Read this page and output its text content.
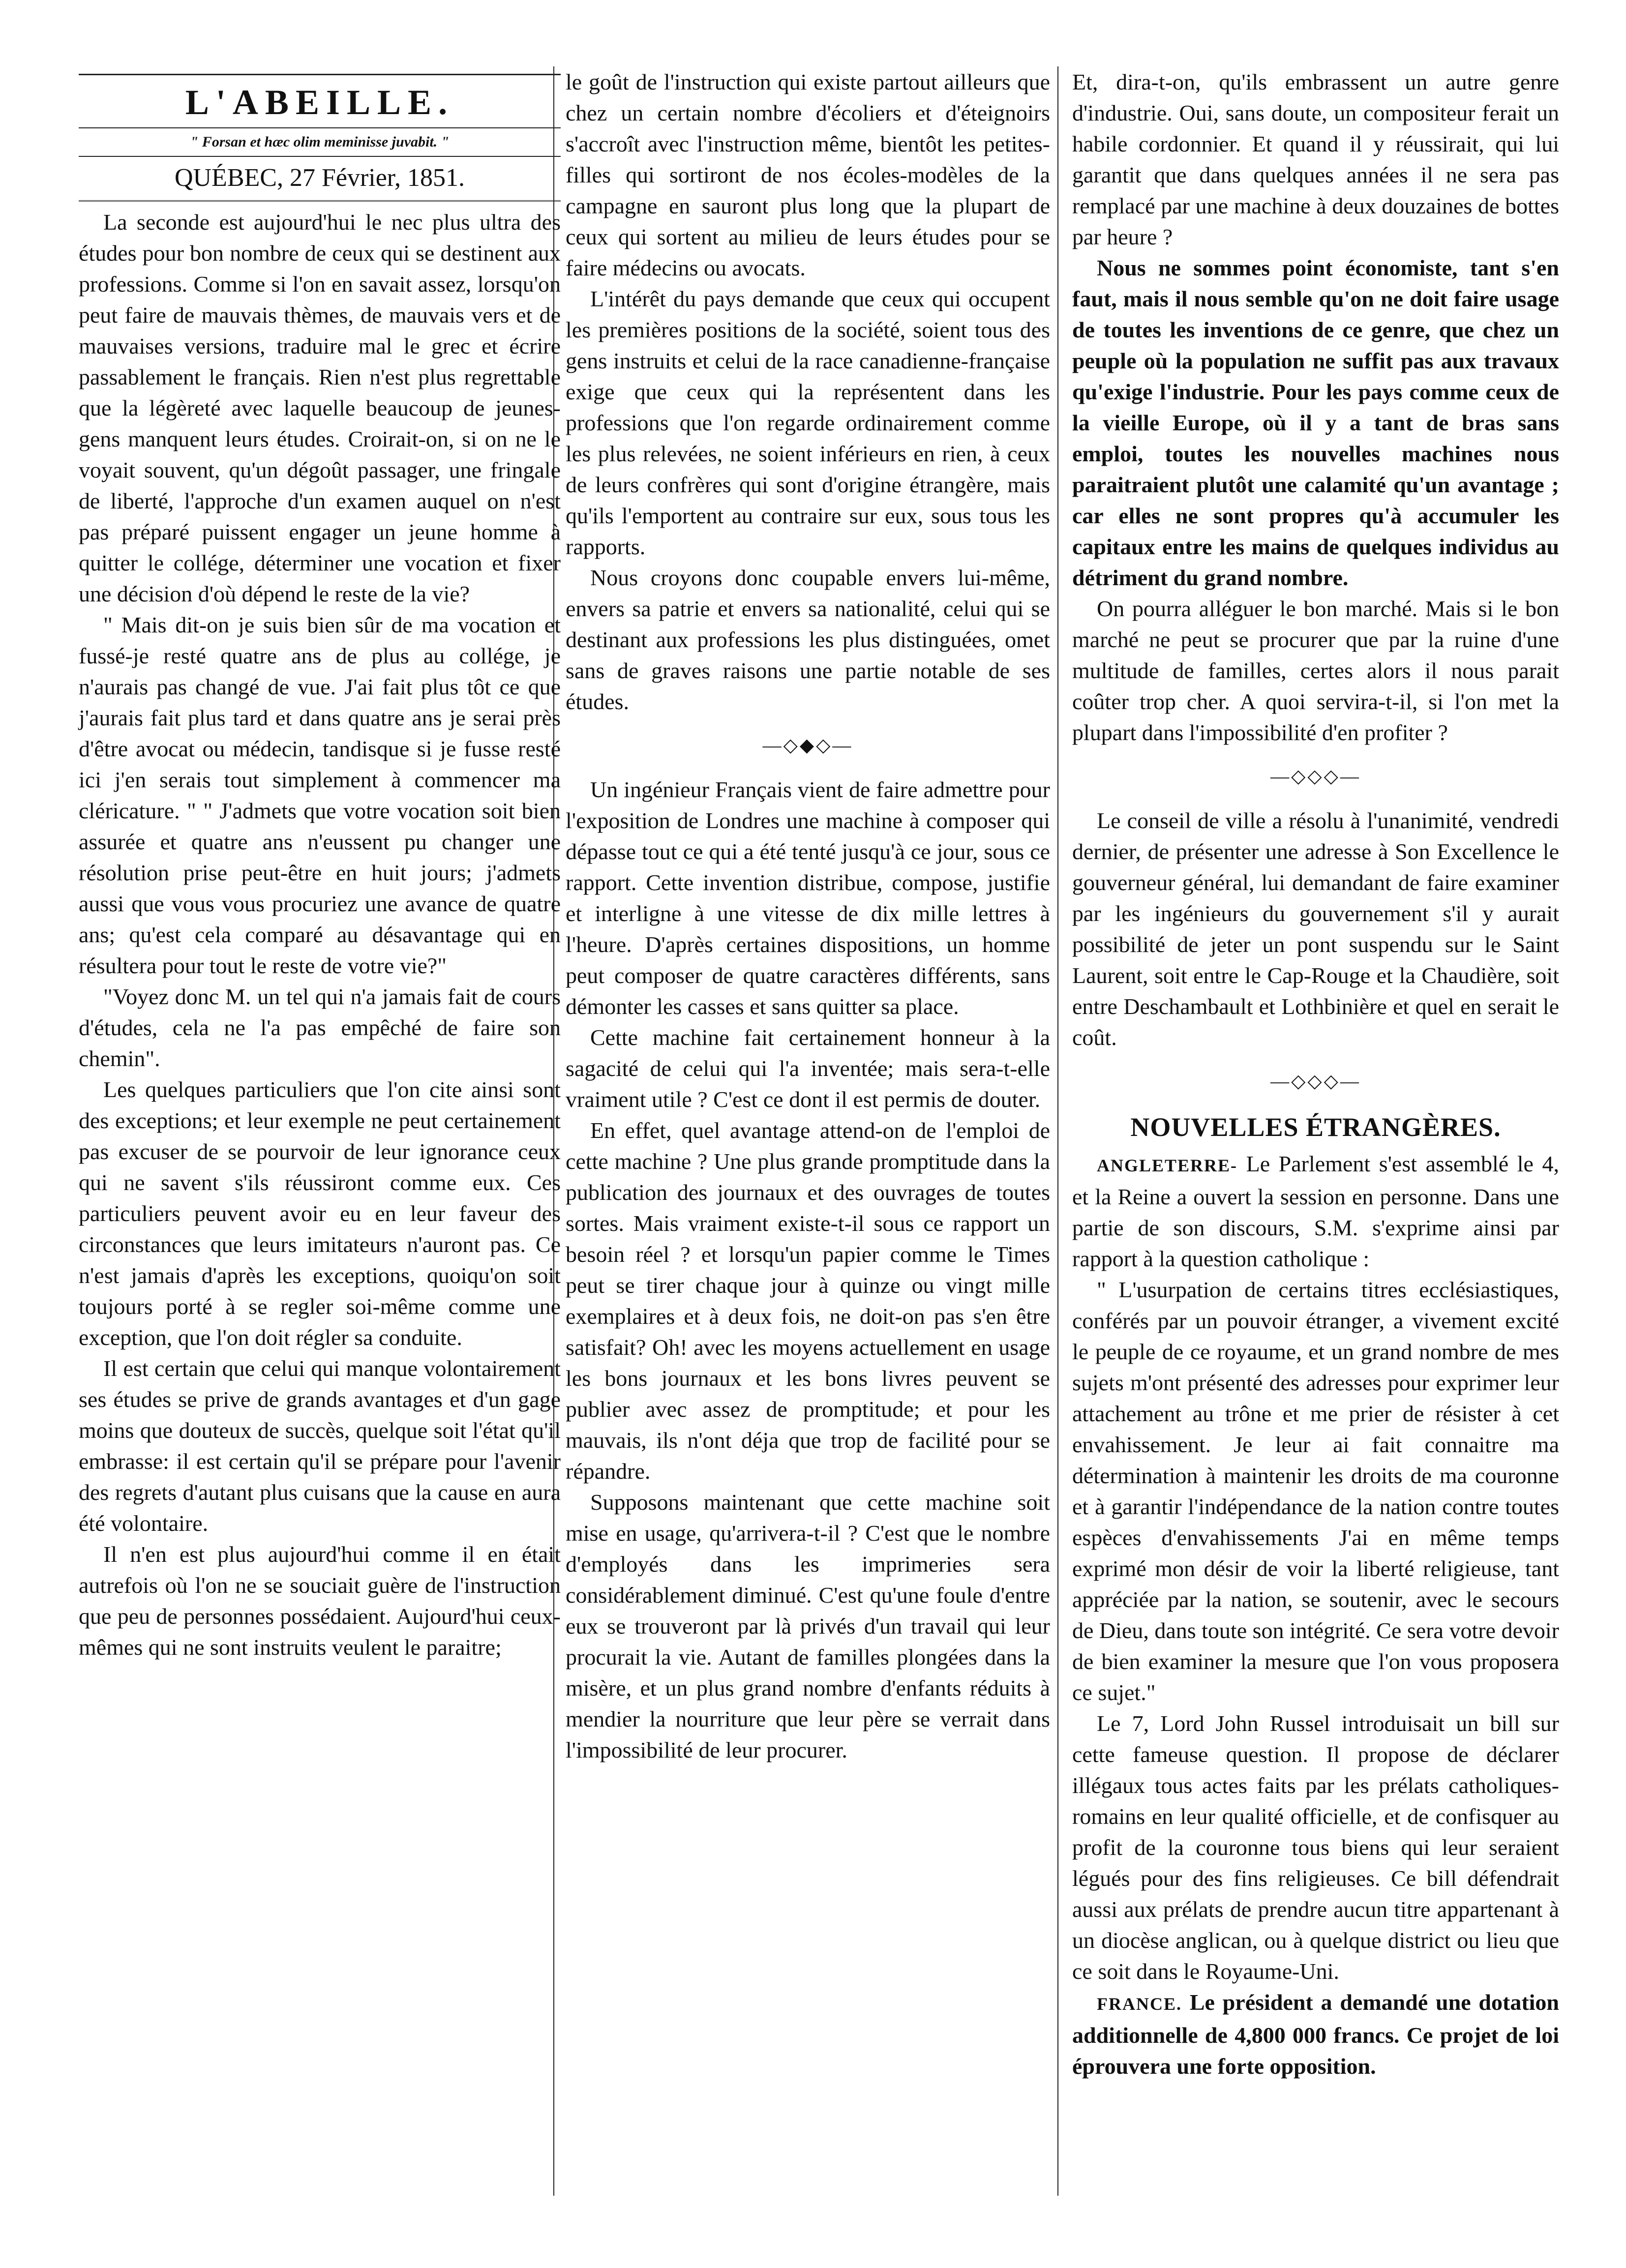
L'ABEILLE.
" Forsan et hæc olim meminisse juvabit. "
QUÉBEC, 27 Février, 1851.

La seconde est aujourd'hui le nec plus ultra des études pour bon nombre de ceux qui se destinent aux professions. Comme si l'on en savait assez, lorsqu'on peut faire de mauvais thèmes, de mauvais vers et de mauvaises versions, traduire mal le grec et écrire passablement le français. Rien n'est plus regrettable que la légèreté avec laquelle beaucoup de jeunes-gens manquent leurs études. Croirait-on, si on ne le voyait souvent, qu'un dégoût passager, une fringale de liberté, l'approche d'un examen auquel on n'est pas préparé puissent engager un jeune homme à quitter le collége, déterminer une vocation et fixer une décision d'où dépend le reste de la vie?

" Mais dit-on je suis bien sûr de ma vocation et fussé-je resté quatre ans de plus au collége, je n'aurais pas changé de vue. J'ai fait plus tôt ce que j'aurais fait plus tard et dans quatre ans je serai près d'être avocat ou médecin, tandisque si je fusse resté ici j'en serais tout simplement à commencer ma cléricature. " " J'admets que votre vocation soit bien assurée et quatre ans n'eussent pu changer une résolution prise peut-être en huit jours; j'admets aussi que vous vous procuriez une avance de quatre ans; qu'est cela comparé au désavantage qui en résultera pour tout le reste de votre vie?"

"Voyez donc M. un tel qui n'a jamais fait de cours d'études, cela ne l'a pas empêché de faire son chemin".

Les quelques particuliers que l'on cite ainsi sont des exceptions; et leur exemple ne peut certainement pas excuser de se pourvoir de leur ignorance ceux qui ne savent s'ils réussiront comme eux. Ces particuliers peuvent avoir eu en leur faveur des circonstances que leurs imitateurs n'auront pas. Ce n'est jamais d'après les exceptions, quoiqu'on soit toujours porté à se regler soi-même comme une exception, que l'on doit régler sa conduite.

Il est certain que celui qui manque volontairement ses études se prive de grands avantages et d'un gage moins que douteux de succès, quelque soit l'état qu'il embrasse: il est certain qu'il se prépare pour l'avenir des regrets d'autant plus cuisans que la cause en aura été volontaire.

Il n'en est plus aujourd'hui comme il en était autrefois où l'on ne se souciait guère de l'instruction que peu de personnes possédaient. Aujourd'hui ceux-mêmes qui ne sont instruits veulent le paraitre;

le goût de l'instruction qui existe partout ailleurs que chez un certain nombre d'écoliers et d'éteignoirs s'accroît avec l'instruction même, bientôt les petites-filles qui sortiront de nos écoles-modèles de la campagne en sauront plus long que la plupart de ceux qui sortent au milieu de leurs études pour se faire médecins ou avocats.

L'intérêt du pays demande que ceux qui occupent les premières positions de la société, soient tous des gens instruits et celui de la race canadienne-française exige que ceux qui la représentent dans les professions que l'on regarde ordinairement comme les plus relevées, ne soient inférieurs en rien, à ceux de leurs confrères qui sont d'origine étrangère, mais qu'ils l'emportent au contraire sur eux, sous tous les rapports.

Nous croyons donc coupable envers lui-même, envers sa patrie et envers sa nationalité, celui qui se destinant aux professions les plus distinguées, omet sans de graves raisons une partie notable de ses études.

—◇◆◇—

Un ingénieur Français vient de faire admettre pour l'exposition de Londres une machine à composer qui dépasse tout ce qui a été tenté jusqu'à ce jour, sous ce rapport. Cette invention distribue, compose, justifie et interligne à une vitesse de dix mille lettres à l'heure. D'après certaines dispositions, un homme peut composer de quatre caractères différents, sans démonter les casses et sans quitter sa place.

Cette machine fait certainement honneur à la sagacité de celui qui l'a inventée; mais sera-t-elle vraiment utile ? C'est ce dont il est permis de douter.

En effet, quel avantage attend-on de l'emploi de cette machine ? Une plus grande promptitude dans la publication des journaux et des ouvrages de toutes sortes. Mais vraiment existe-t-il sous ce rapport un besoin réel ? et lorsqu'un papier comme le Times peut se tirer chaque jour à quinze ou vingt mille exemplaires et à deux fois, ne doit-on pas s'en être satisfait? Oh! avec les moyens actuellement en usage les bons journaux et les bons livres peuvent se publier avec assez de promptitude; et pour les mauvais, ils n'ont déja que trop de facilité pour se répandre.

Supposons maintenant que cette machine soit mise en usage, qu'arrivera-t-il ? C'est que le nombre d'employés dans les imprimeries sera considérablement diminué. C'est qu'une foule d'entre eux se trouveront par là privés d'un travail qui leur procurait la vie. Autant de familles plongées dans la misère, et un plus grand nombre d'enfants réduits à mendier la nourriture que leur père se verrait dans l'impossibilité de leur procurer.

Et, dira-t-on, qu'ils embrassent un autre genre d'industrie. Oui, sans doute, un compositeur ferait un habile cordonnier. Et quand il y réussirait, qui lui garantit que dans quelques années il ne sera pas remplacé par une machine à deux douzaines de bottes par heure ?

Nous ne sommes point économiste, tant s'en faut, mais il nous semble qu'on ne doit faire usage de toutes les inventions de ce genre, que chez un peuple où la population ne suffit pas aux travaux qu'exige l'industrie. Pour les pays comme ceux de la vieille Europe, où il y a tant de bras sans emploi, toutes les nouvelles machines nous paraitraient plutôt une calamité qu'un avantage ; car elles ne sont propres qu'à accumuler les capitaux entre les mains de quelques individus au détriment du grand nombre.

On pourra alléguer le bon marché. Mais si le bon marché ne peut se procurer que par la ruine d'une multitude de familles, certes alors il nous parait coûter trop cher. A quoi servira-t-il, si l'on met la plupart dans l'impossibilité d'en profiter ?

—◇◇◇—

Le conseil de ville a résolu à l'unanimité, vendredi dernier, de présenter une adresse à Son Excellence le gouverneur général, lui demandant de faire examiner par les ingénieurs du gouvernement s'il y aurait possibilité de jeter un pont suspendu sur le Saint Laurent, soit entre le Cap-Rouge et la Chaudière, soit entre Deschambault et Lothbinière et quel en serait le coût.

—◇◇◇—
NOUVELLES ÉTRANGÈRES.

ANGLETERRE- Le Parlement s'est assemblé le 4, et la Reine a ouvert la session en personne. Dans une partie de son discours, S.M. s'exprime ainsi par rapport à la question catholique :

" L'usurpation de certains titres ecclésiastiques, conférés par un pouvoir étranger, a vivement excité le peuple de ce royaume, et un grand nombre de mes sujets m'ont présenté des adresses pour exprimer leur attachement au trône et me prier de résister à cet envahissement. Je leur ai fait connaitre ma détermination à maintenir les droits de ma couronne et à garantir l'indépendance de la nation contre toutes espèces d'envahissements J'ai en même temps exprimé mon désir de voir la liberté religieuse, tant appréciée par la nation, se soutenir, avec le secours de Dieu, dans toute son intégrité. Ce sera votre devoir de bien examiner la mesure que l'on vous proposera ce sujet."

Le 7, Lord John Russel introduisait un bill sur cette fameuse question. Il propose de déclarer illégaux tous actes faits par les prélats catholiques-romains en leur qualité officielle, et de confisquer au profit de la couronne tous biens qui leur seraient légués pour des fins religieuses. Ce bill défendrait aussi aux prélats de prendre aucun titre appartenant à un diocèse anglican, ou à quelque district ou lieu que ce soit dans le Royaume-Uni.

FRANCE. Le président a demandé une dotation additionnelle de 4,800 000 francs. Ce projet de loi éprouvera une forte opposition.
